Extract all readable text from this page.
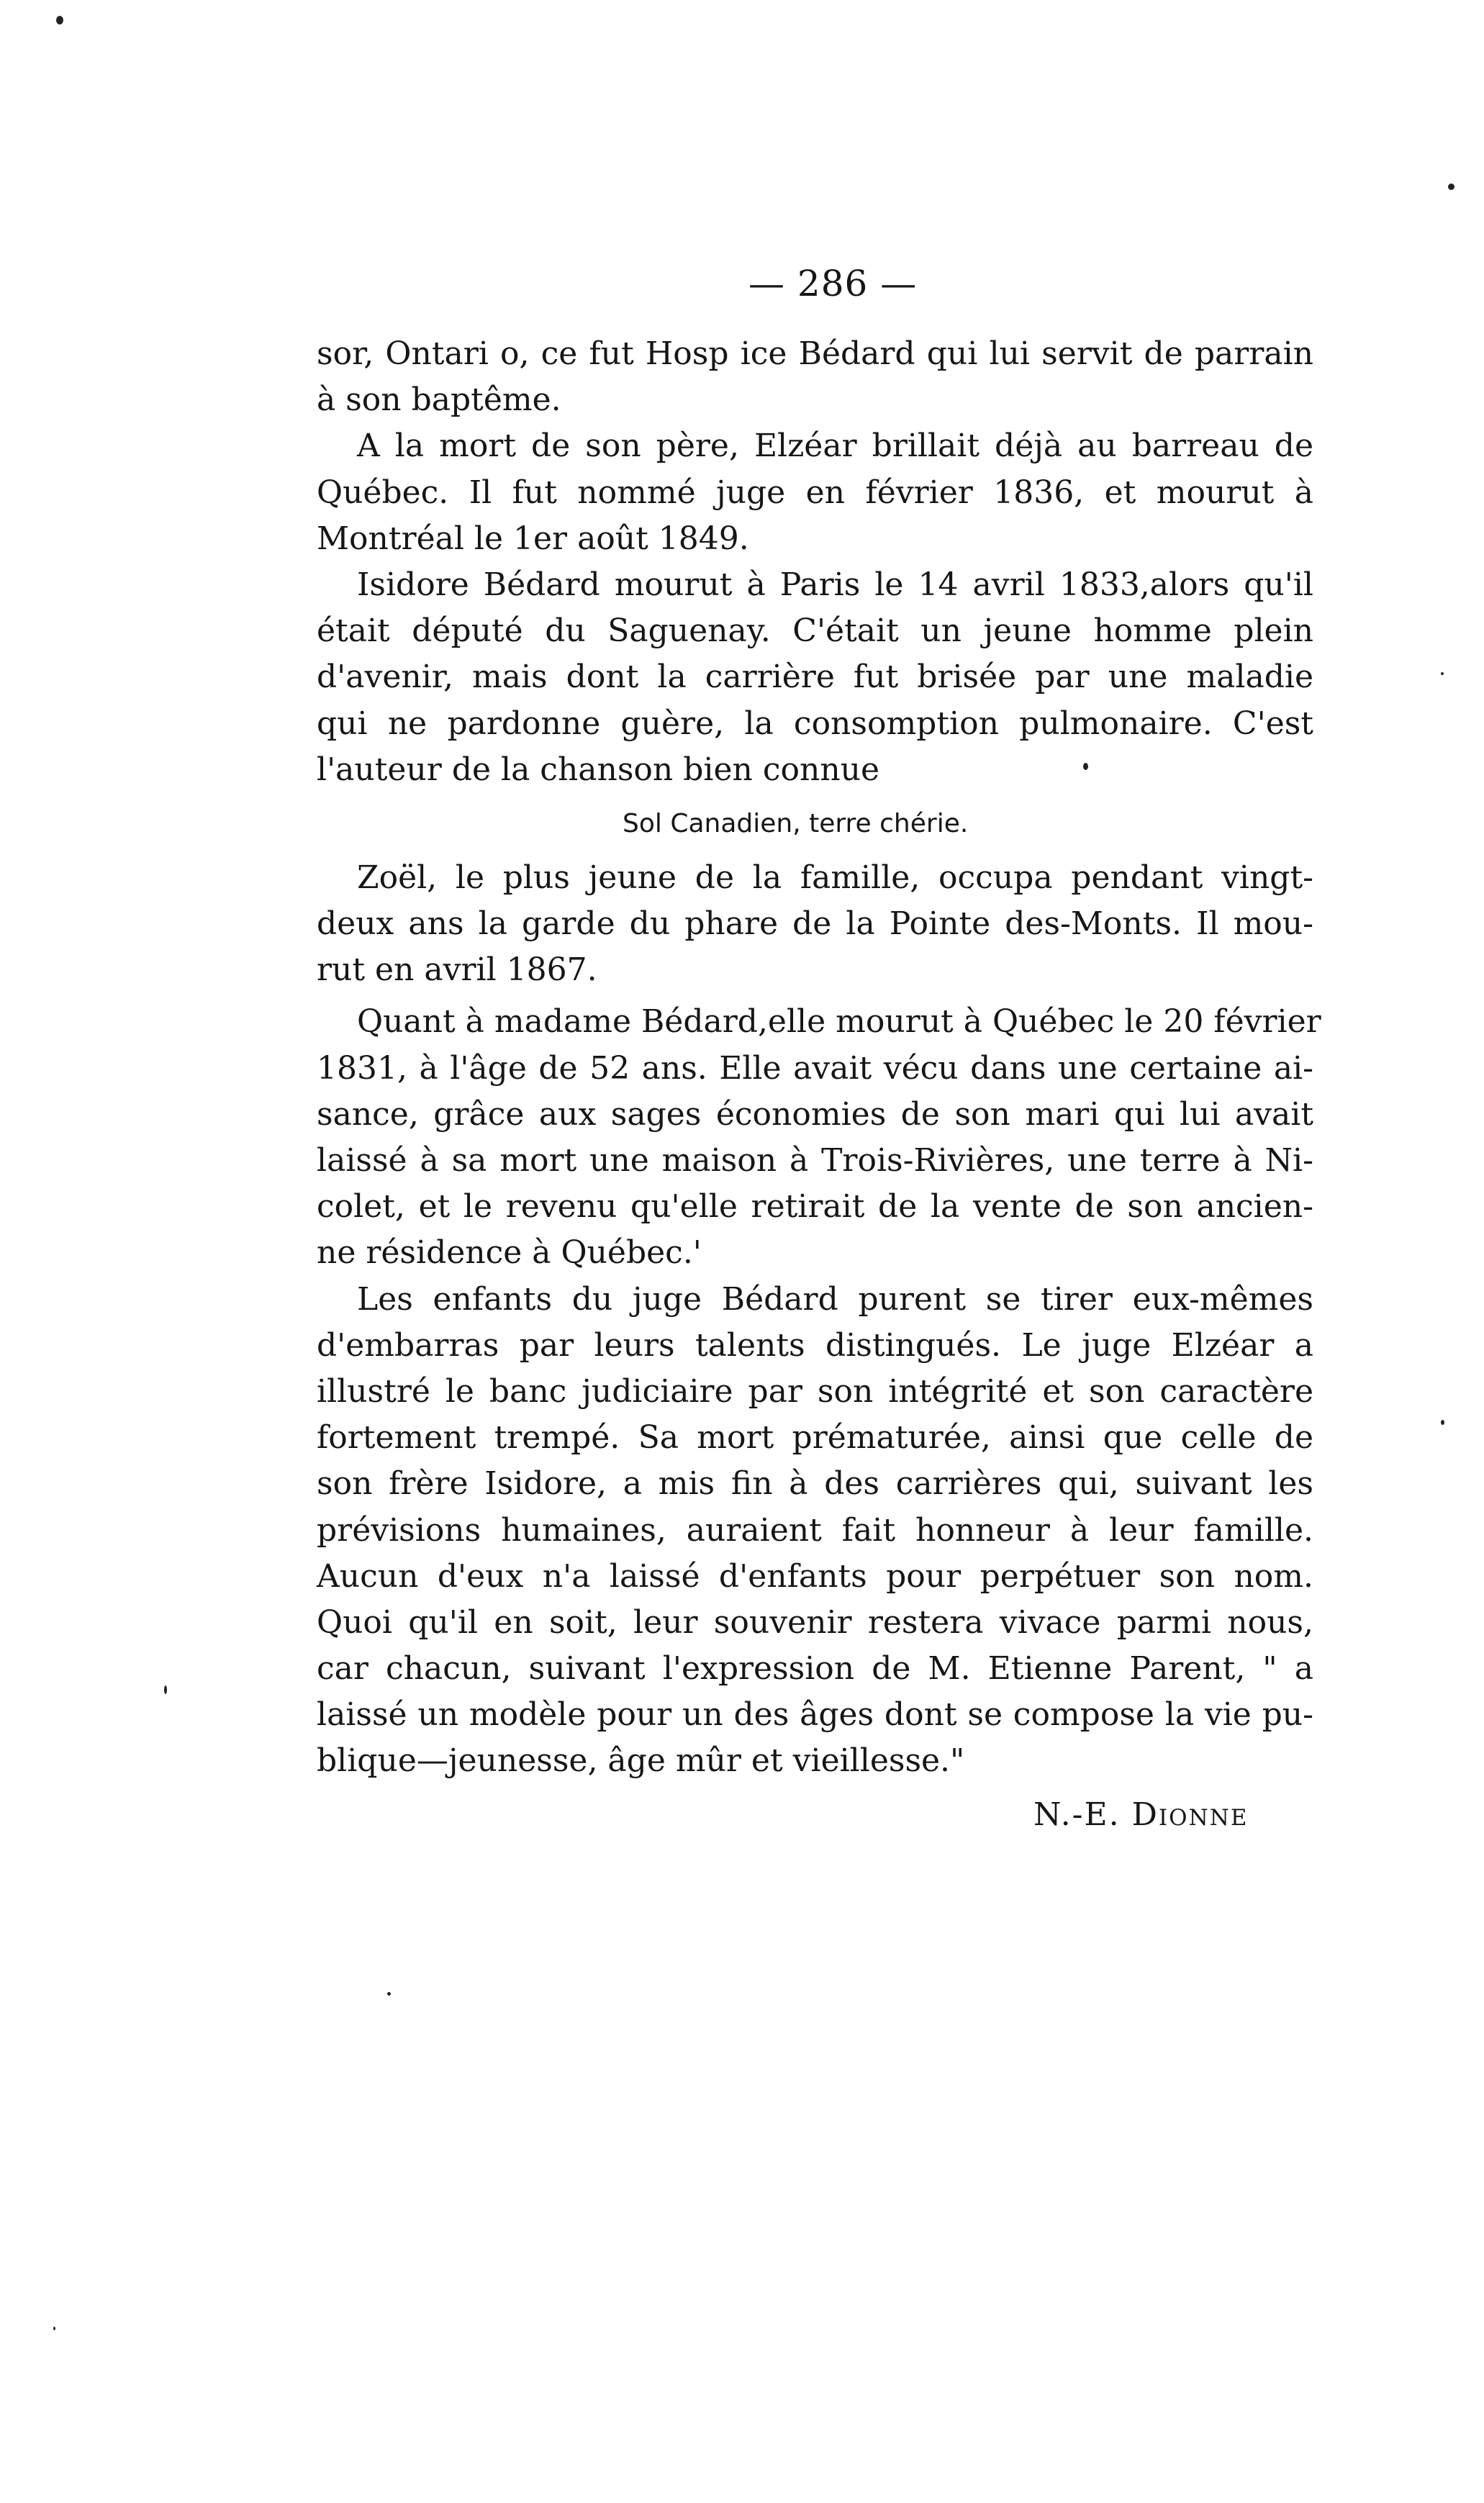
— 286 —
sor, Ontari o, ce fut Hosp ice Bédard qui lui servit de parrain
à son baptême.
A la mort de son père, Elzéar brillait déjà au barreau de
Québec. Il fut nommé juge en février 1836, et mourut à
Montréal le 1er août 1849.
Isidore Bédard mourut à Paris le 14 avril 1833,alors qu'il
était député du Saguenay. C'était un jeune homme plein
d'avenir, mais dont la carrière fut brisée par une maladie
qui ne pardonne guère, la consomption pulmonaire. C'est
l'auteur de la chanson bien connue
Sol Canadien, terre chérie.
Zoël, le plus jeune de la famille, occupa pendant vingt-
deux ans la garde du phare de la Pointe des-Monts. Il mou-
rut en avril 1867.
Quant à madame Bédard,elle mourut à Québec le 20 février
1831, à l'âge de 52 ans. Elle avait vécu dans une certaine ai-
sance, grâce aux sages économies de son mari qui lui avait
laissé à sa mort une maison à Trois-Rivières, une terre à Ni-
colet, et le revenu qu'elle retirait de la vente de son ancien-
ne résidence à Québec.'
Les enfants du juge Bédard purent se tirer eux-mêmes
d'embarras par leurs talents distingués. Le juge Elzéar a
illustré le banc judiciaire par son intégrité et son caractère
fortement trempé. Sa mort prématurée, ainsi que celle de
son frère Isidore, a mis fin à des carrières qui, suivant les
prévisions humaines, auraient fait honneur à leur famille.
Aucun d'eux n'a laissé d'enfants pour perpétuer son nom.
Quoi qu'il en soit, leur souvenir restera vivace parmi nous,
car chacun, suivant l'expression de M. Etienne Parent, " a
laissé un modèle pour un des âges dont se compose la vie pu-
blique—jeunesse, âge mûr et vieillesse."
N.-E. Dionne
